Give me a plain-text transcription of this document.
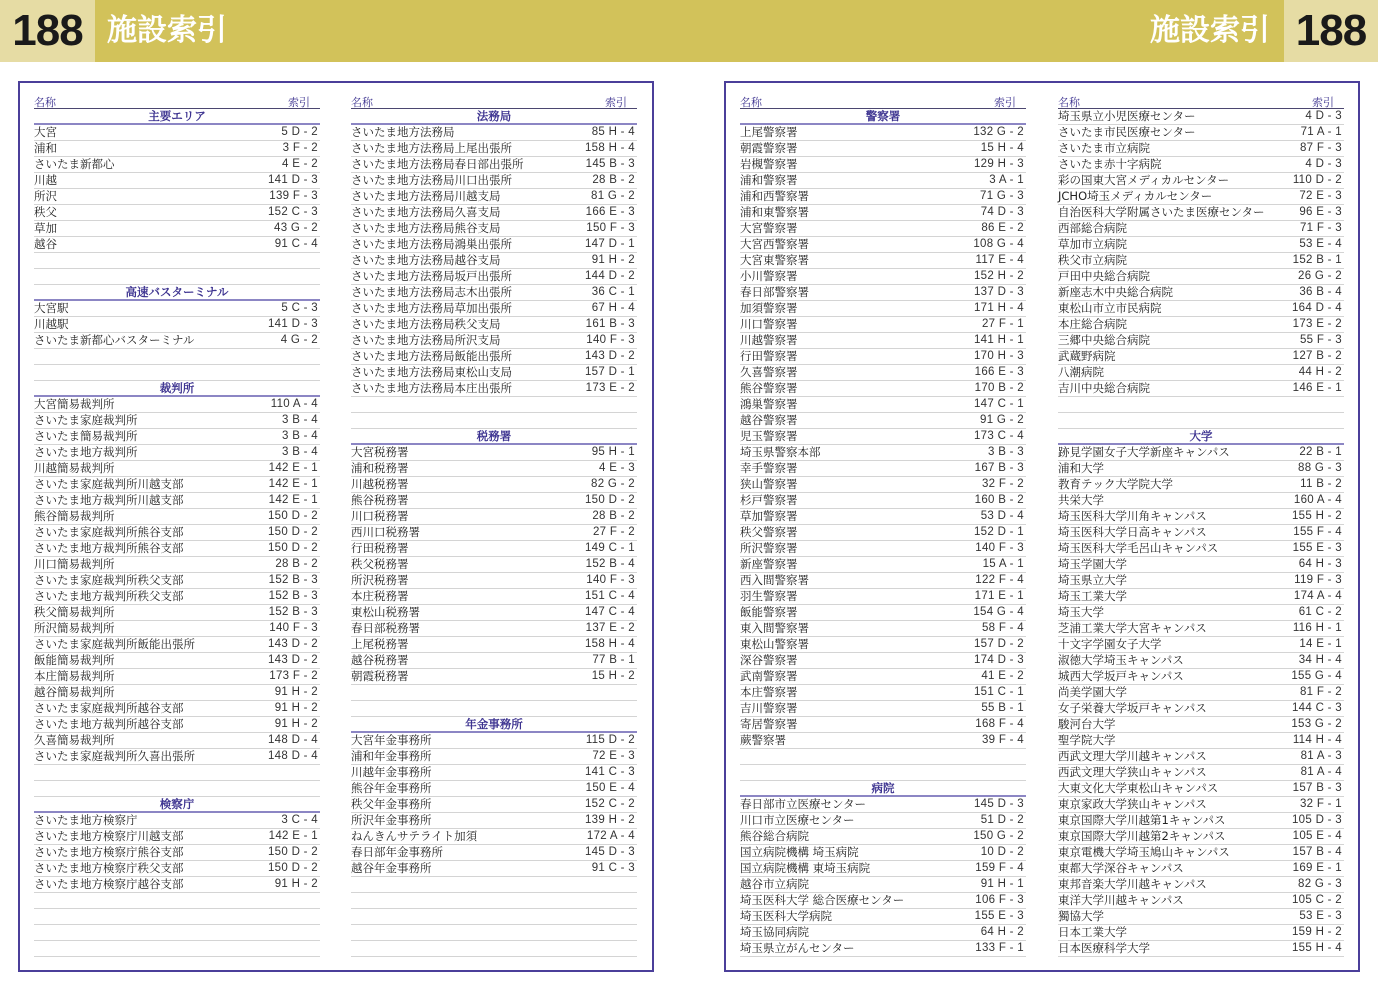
188 施設索引	施設索引 188
名称	索引
主要エリア
大宮	5 D - 2
浦和	3 F - 2
さいたま新都心	4 E - 2
川越	141 D - 3
所沢	139 F - 3
秩父	152 C - 3
草加	43 G - 2
越谷	91 C - 4
高速バスターミナル
大宮駅	5 C - 3
川越駅	141 D - 3
さいたま新都心バスターミナル	4 G - 2
裁判所
大宮簡易裁判所	110 A - 4
さいたま家庭裁判所	3 B - 4
さいたま簡易裁判所	3 B - 4
さいたま地方裁判所	3 B - 4
川越簡易裁判所	142 E - 1
さいたま家庭裁判所川越支部	142 E - 1
さいたま地方裁判所川越支部	142 E - 1
熊谷簡易裁判所	150 D - 2
さいたま家庭裁判所熊谷支部	150 D - 2
さいたま地方裁判所熊谷支部	150 D - 2
川口簡易裁判所	28 B - 2
さいたま家庭裁判所秩父支部	152 B - 3
さいたま地方裁判所秩父支部	152 B - 3
秩父簡易裁判所	152 B - 3
所沢簡易裁判所	140 F - 3
さいたま家庭裁判所飯能出張所	143 D - 2
飯能簡易裁判所	143 D - 2
本庄簡易裁判所	173 F - 2
越谷簡易裁判所	91 H - 2
さいたま家庭裁判所越谷支部	91 H - 2
さいたま地方裁判所越谷支部	91 H - 2
久喜簡易裁判所	148 D - 4
さいたま家庭裁判所久喜出張所	148 D - 4
検察庁
さいたま地方検察庁	3 C - 4
さいたま地方検察庁川越支部	142 E - 1
さいたま地方検察庁熊谷支部	150 D - 2
さいたま地方検察庁秩父支部	150 D - 2
さいたま地方検察庁越谷支部	91 H - 2
名称	索引
法務局
さいたま地方法務局	85 H - 4
さいたま地方法務局上尾出張所	158 H - 4
さいたま地方法務局春日部出張所	145 B - 3
さいたま地方法務局川口出張所	28 B - 2
さいたま地方法務局川越支局	81 G - 2
さいたま地方法務局久喜支局	166 E - 3
さいたま地方法務局熊谷支局	150 F - 3
さいたま地方法務局鴻巣出張所	147 D - 1
さいたま地方法務局越谷支局	91 H - 2
さいたま地方法務局坂戸出張所	144 D - 2
さいたま地方法務局志木出張所	36 C - 1
さいたま地方法務局草加出張所	67 H - 4
さいたま地方法務局秩父支局	161 B - 3
さいたま地方法務局所沢支局	140 F - 3
さいたま地方法務局飯能出張所	143 D - 2
さいたま地方法務局東松山支局	157 D - 1
さいたま地方法務局本庄出張所	173 E - 2
税務署
大宮税務署	95 H - 1
浦和税務署	4 E - 3
川越税務署	82 G - 2
熊谷税務署	150 D - 2
川口税務署	28 B - 2
西川口税務署	27 F - 2
行田税務署	149 C - 1
秩父税務署	152 B - 4
所沢税務署	140 F - 3
本庄税務署	151 C - 4
東松山税務署	147 C - 4
春日部税務署	137 E - 2
上尾税務署	158 H - 4
越谷税務署	77 B - 1
朝霞税務署	15 H - 2
年金事務所
大宮年金事務所	115 D - 2
浦和年金事務所	72 E - 3
川越年金事務所	141 C - 3
熊谷年金事務所	150 E - 4
秩父年金事務所	152 C - 2
所沢年金事務所	139 H - 2
ねんきんサテライト加須	172 A - 4
春日部年金事務所	145 D - 3
越谷年金事務所	91 C - 3
名称	索引
警察署
上尾警察署	132 G - 2
朝霞警察署	15 H - 4
岩槻警察署	129 H - 3
浦和警察署	3 A - 1
浦和西警察署	71 G - 3
浦和東警察署	74 D - 3
大宮警察署	86 E - 2
大宮西警察署	108 G - 4
大宮東警察署	117 E - 4
小川警察署	152 H - 2
春日部警察署	137 D - 3
加須警察署	171 H - 4
川口警察署	27 F - 1
川越警察署	141 H - 1
行田警察署	170 H - 3
久喜警察署	166 E - 3
熊谷警察署	170 B - 2
鴻巣警察署	147 C - 1
越谷警察署	91 G - 2
児玉警察署	173 C - 4
埼玉県警察本部	3 B - 3
幸手警察署	167 B - 3
狭山警察署	32 F - 2
杉戸警察署	160 B - 2
草加警察署	53 D - 4
秩父警察署	152 D - 1
所沢警察署	140 F - 3
新座警察署	15 A - 1
西入間警察署	122 F - 4
羽生警察署	171 E - 1
飯能警察署	154 G - 4
東入間警察署	58 F - 4
東松山警察署	157 D - 2
深谷警察署	174 D - 3
武南警察署	41 E - 2
本庄警察署	151 C - 1
吉川警察署	55 B - 1
寄居警察署	168 F - 4
蕨警察署	39 F - 4
病院
春日部市立医療センター	145 D - 3
川口市立医療センター	51 D - 2
熊谷総合病院	150 G - 2
国立病院機構 埼玉病院	10 D - 2
国立病院機構 東埼玉病院	159 F - 4
越谷市立病院	91 H - 1
埼玉医科大学 総合医療センター	106 F - 3
埼玉医科大学病院	155 E - 3
埼玉協同病院	64 H - 2
埼玉県立がんセンター	133 F - 1
名称	索引
埼玉県立小児医療センター	4 D - 3
さいたま市民医療センター	71 A - 1
さいたま市立病院	87 F - 3
さいたま赤十字病院	4 D - 3
彩の国東大宮メディカルセンター	110 D - 2
JCHO埼玉メディカルセンター	72 E - 3
自治医科大学附属さいたま医療センター	96 E - 3
西部総合病院	71 F - 3
草加市立病院	53 E - 4
秩父市立病院	152 B - 1
戸田中央総合病院	26 G - 2
新座志木中央総合病院	36 B - 4
東松山市立市民病院	164 D - 4
本庄総合病院	173 E - 2
三郷中央総合病院	55 F - 3
武蔵野病院	127 B - 2
八潮病院	44 H - 2
吉川中央総合病院	146 E - 1
大学
跡見学園女子大学新座キャンパス	22 B - 1
浦和大学	88 G - 3
教育テック大学院大学	11 B - 2
共栄大学	160 A - 4
埼玉医科大学川角キャンパス	155 H - 2
埼玉医科大学日高キャンパス	155 F - 4
埼玉医科大学毛呂山キャンパス	155 E - 3
埼玉学園大学	64 H - 3
埼玉県立大学	119 F - 3
埼玉工業大学	174 A - 4
埼玉大学	61 C - 2
芝浦工業大学大宮キャンパス	116 H - 1
十文字学園女子大学	14 E - 1
淑徳大学埼玉キャンパス	34 H - 4
城西大学坂戸キャンパス	155 G - 4
尚美学園大学	81 F - 2
女子栄養大学坂戸キャンパス	144 C - 3
駿河台大学	153 G - 2
聖学院大学	114 H - 4
西武文理大学川越キャンパス	81 A - 3
西武文理大学狭山キャンパス	81 A - 4
大東文化大学東松山キャンパス	157 B - 3
東京家政大学狭山キャンパス	32 F - 1
東京国際大学川越第1キャンパス	105 D - 3
東京国際大学川越第2キャンパス	105 E - 4
東京電機大学埼玉鳩山キャンパス	157 B - 4
東都大学深谷キャンパス	169 E - 1
東邦音楽大学川越キャンパス	82 G - 3
東洋大学川越キャンパス	105 C - 2
獨協大学	53 E - 3
日本工業大学	159 H - 2
日本医療科学大学	155 H - 4
